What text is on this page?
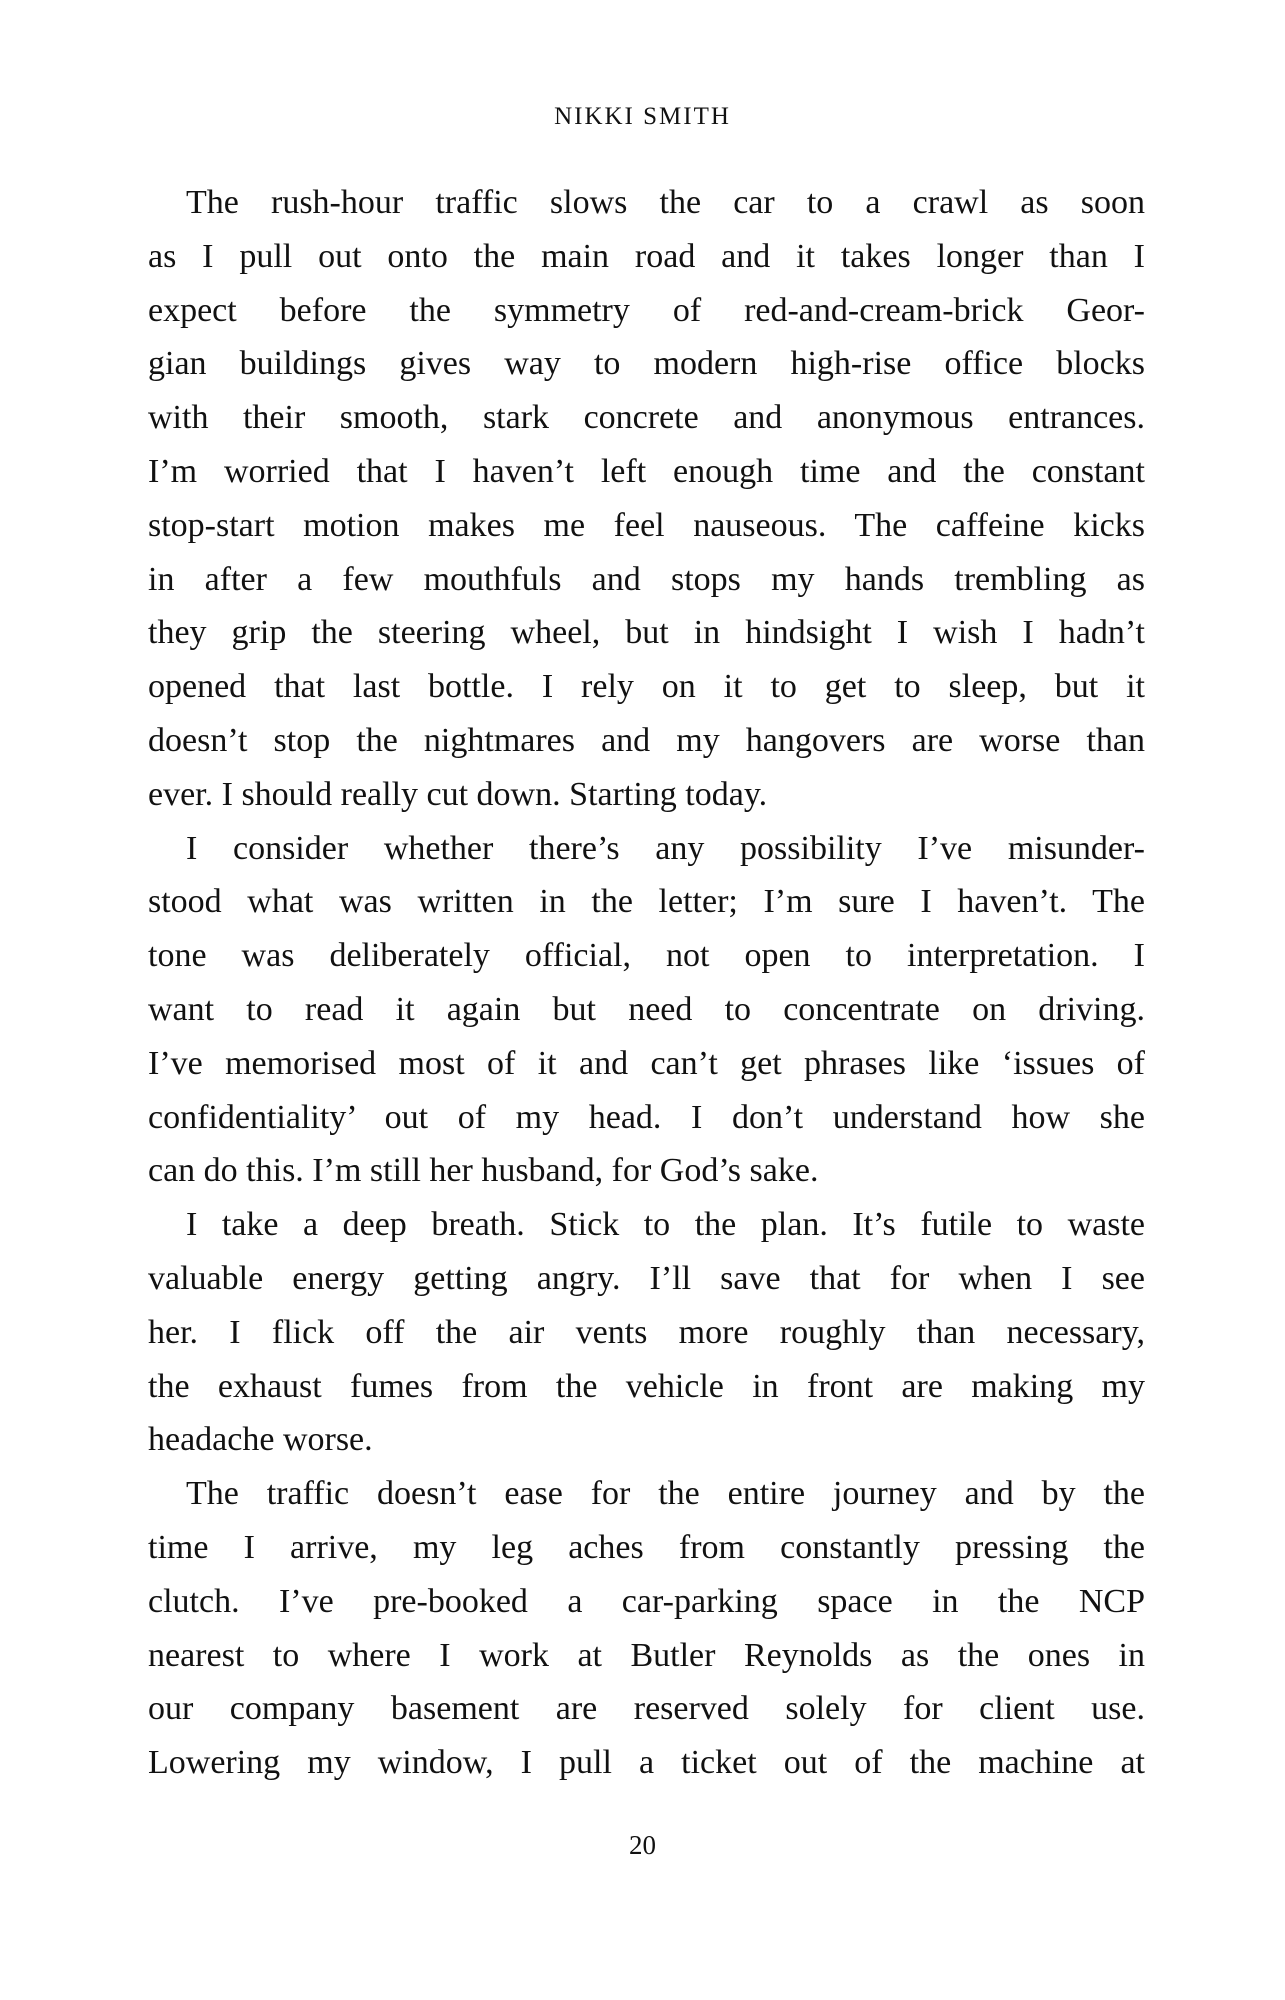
NIKKI SMITH
The rush-hour traffic slows the car to a crawl as soon
as I pull out onto the main road and it takes longer than I
expect before the symmetry of red-and-cream-brick Geor-
gian buildings gives way to modern high-rise office blocks
with their smooth, stark concrete and anonymous entrances.
I’m worried that I haven’t left enough time and the constant
stop-start motion makes me feel nauseous. The caffeine kicks
in after a few mouthfuls and stops my hands trembling as
they grip the steering wheel, but in hindsight I wish I hadn’t
opened that last bottle. I rely on it to get to sleep, but it
doesn’t stop the nightmares and my hangovers are worse than
ever. I should really cut down. Starting today.
I consider whether there’s any possibility I’ve misunder-
stood what was written in the letter; I’m sure I haven’t. The
tone was deliberately official, not open to interpretation. I
want to read it again but need to concentrate on driving.
I’ve memorised most of it and can’t get phrases like ‘issues of
confidentiality’ out of my head. I don’t understand how she
can do this. I’m still her husband, for God’s sake.
I take a deep breath. Stick to the plan. It’s futile to waste
valuable energy getting angry. I’ll save that for when I see
her. I flick off the air vents more roughly than necessary,
the exhaust fumes from the vehicle in front are making my
headache worse.
The traffic doesn’t ease for the entire journey and by the
time I arrive, my leg aches from constantly pressing the
clutch. I’ve pre-booked a car-parking space in the NCP
nearest to where I work at Butler Reynolds as the ones in
our company basement are reserved solely for client use.
Lowering my window, I pull a ticket out of the machine at
20
